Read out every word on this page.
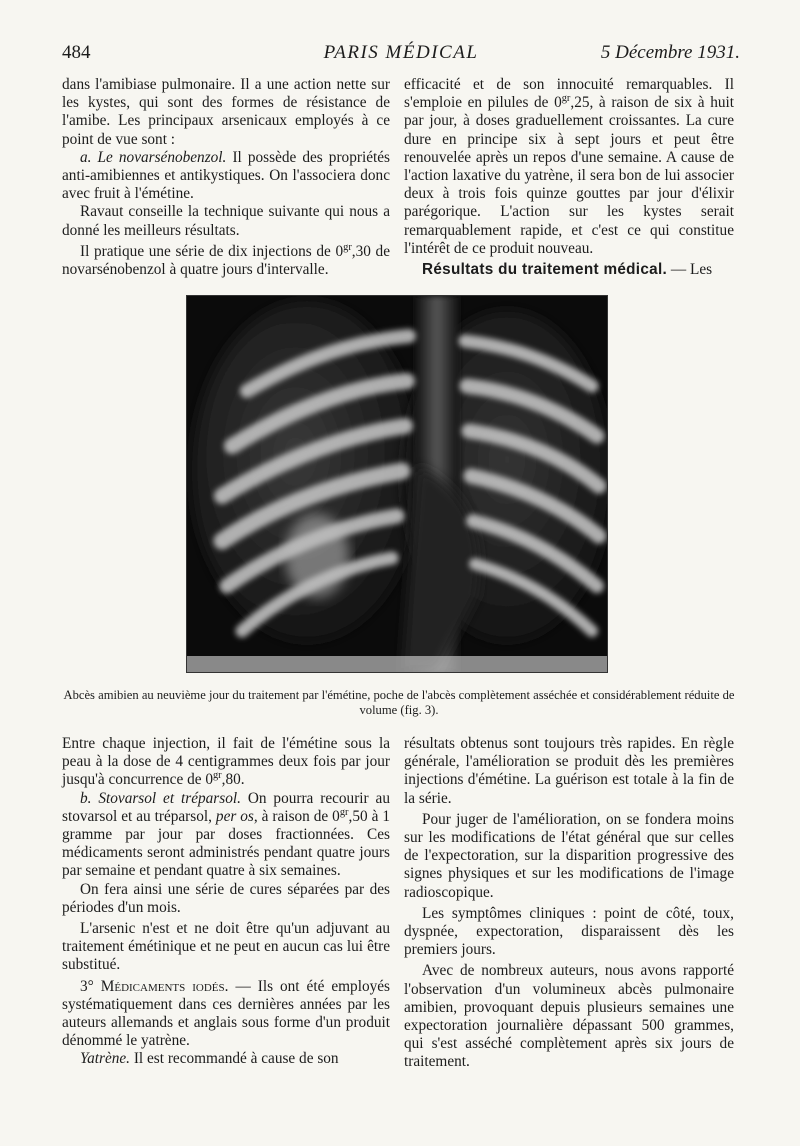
484	PARIS MÉDICAL	5 Décembre 1931.

dans l'amibiase pulmonaire. Il a une action nette sur les kystes, qui sont des formes de résistance de l'amibe. Les principaux arsenicaux employés à ce point de vue sont :

a. Le novarsénobenzol. Il possède des propriétés anti-amibiennes et antikystiques. On l'associera donc avec fruit à l'émétine.

Ravaut conseille la technique suivante qui nous a donné les meilleurs résultats.

Il pratique une série de dix injections de $0^{gr},30$ de novarsénobenzol à quatre jours d'intervalle.

efficacité et de son innocuité remarquables. Il s'emploie en pilules de $0^{gr},25$, à raison de six à huit par jour, à doses graduellement croissantes. La cure dure en principe six à sept jours et peut être renouvelée après un repos d'une semaine. A cause de l'action laxative du yatrène, il sera bon de lui associer deux à trois fois quinze gouttes par jour d'élixir parégorique. L'action sur les kystes serait remarquablement rapide, et c'est ce qui constitue l'intérêt de ce produit nouveau.

Résultats du traitement médical. — Les

Abcès amibien au neuvième jour du traitement par l'émétine, poche de l'abcès complètement asséchée et considérablement réduite de volume (fig. 3).

Entre chaque injection, il fait de l'émétine sous la peau à la dose de 4 centigrammes deux fois par jour jusqu'à concurrence de $0^{gr},80$.

b. Stovarsol et tréparsol. On pourra recourir au stovarsol et au tréparsol, per os, à raison de $0^{gr},50$ à 1 gramme par jour par doses fractionnées. Ces médicaments seront administrés pendant quatre jours par semaine et pendant quatre à six semaines.

On fera ainsi une série de cures séparées par des périodes d'un mois.

L'arsenic n'est et ne doit être qu'un adjuvant au traitement émétinique et ne peut en aucun cas lui être substitué.

3° Médicaments iodés. — Ils ont été employés systématiquement dans ces dernières années par les auteurs allemands et anglais sous forme d'un produit dénommé le yatrène.

Yatrène. Il est recommandé à cause de son

résultats obtenus sont toujours très rapides. En règle générale, l'amélioration se produit dès les premières injections d'émétine. La guérison est totale à la fin de la série.

Pour juger de l'amélioration, on se fondera moins sur les modifications de l'état général que sur celles de l'expectoration, sur la disparition progressive des signes physiques et sur les modifications de l'image radioscopique.

Les symptômes cliniques : point de côté, toux, dyspnée, expectoration, disparaissent dès les premiers jours.

Avec de nombreux auteurs, nous avons rapporté l'observation d'un volumineux abcès pulmonaire amibien, provoquant depuis plusieurs semaines une expectoration journalière dépassant 500 grammes, qui s'est asséché complètement après six jours de traitement.
